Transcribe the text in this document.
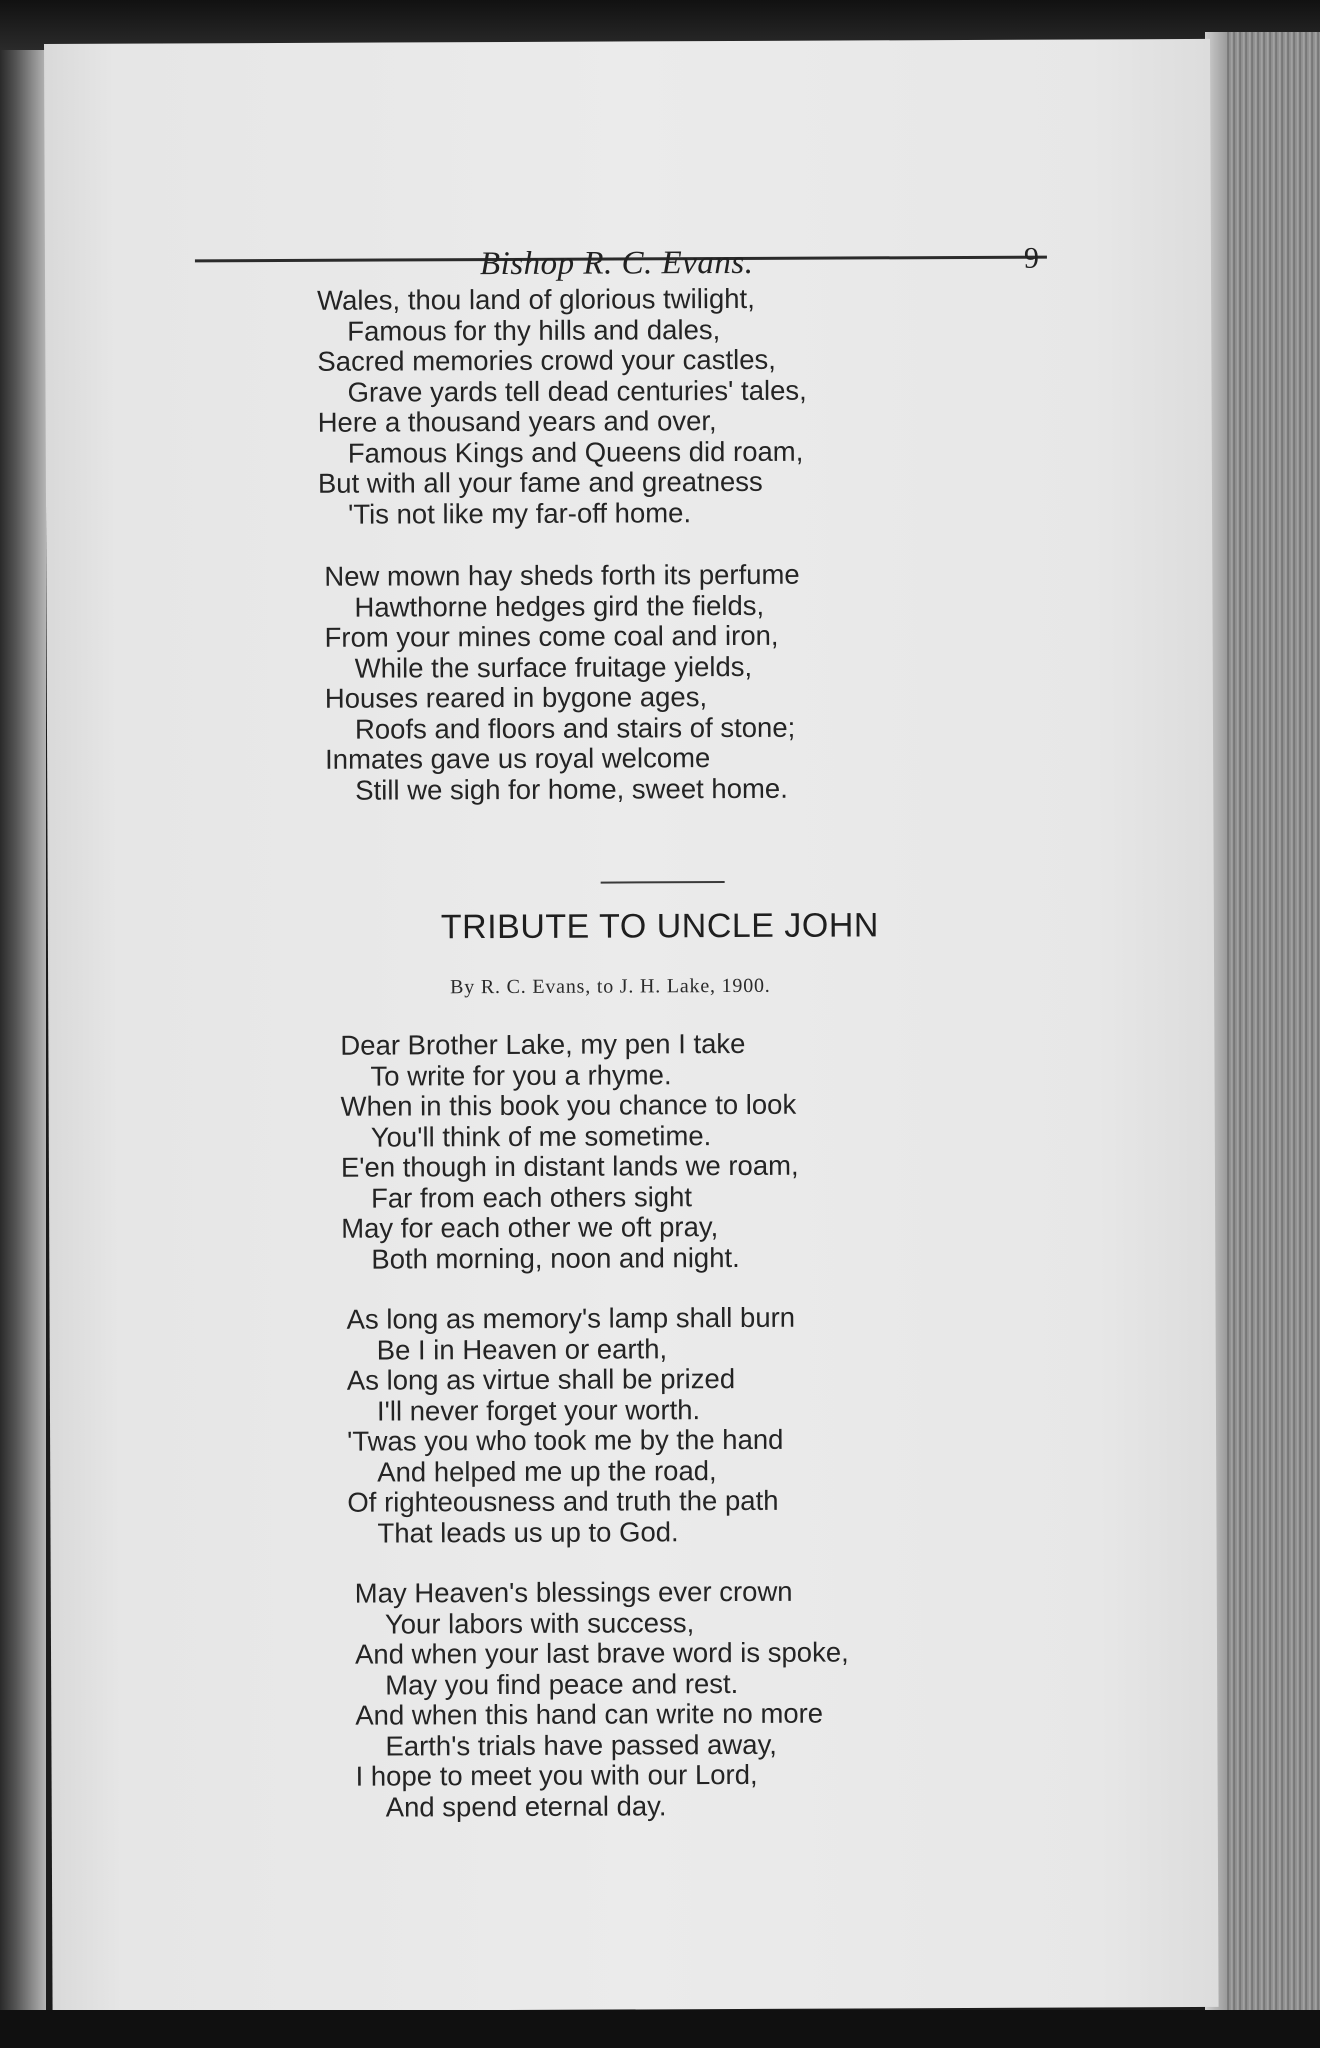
Bishop R. C. Evans.	9
Wales, thou land of glorious twilight,
Famous for thy hills and dales,
Sacred memories crowd your castles,
Grave yards tell dead centuries' tales,
Here a thousand years and over,
Famous Kings and Queens did roam,
But with all your fame and greatness
'Tis not like my far-off home.
New mown hay sheds forth its perfume
Hawthorne hedges gird the fields,
From your mines come coal and iron,
While the surface fruitage yields,
Houses reared in bygone ages,
Roofs and floors and stairs of stone;
Inmates gave us royal welcome
Still we sigh for home, sweet home.
TRIBUTE TO UNCLE JOHN
By R. C. Evans, to J. H. Lake, 1900.
Dear Brother Lake, my pen I take
To write for you a rhyme.
When in this book you chance to look
You'll think of me sometime.
E'en though in distant lands we roam,
Far from each others sight
May for each other we oft pray,
Both morning, noon and night.
As long as memory's lamp shall burn
Be I in Heaven or earth,
As long as virtue shall be prized
I'll never forget your worth.
'Twas you who took me by the hand
And helped me up the road,
Of righteousness and truth the path
That leads us up to God.
May Heaven's blessings ever crown
Your labors with success,
And when your last brave word is spoke,
May you find peace and rest.
And when this hand can write no more
Earth's trials have passed away,
I hope to meet you with our Lord,
And spend eternal day.
